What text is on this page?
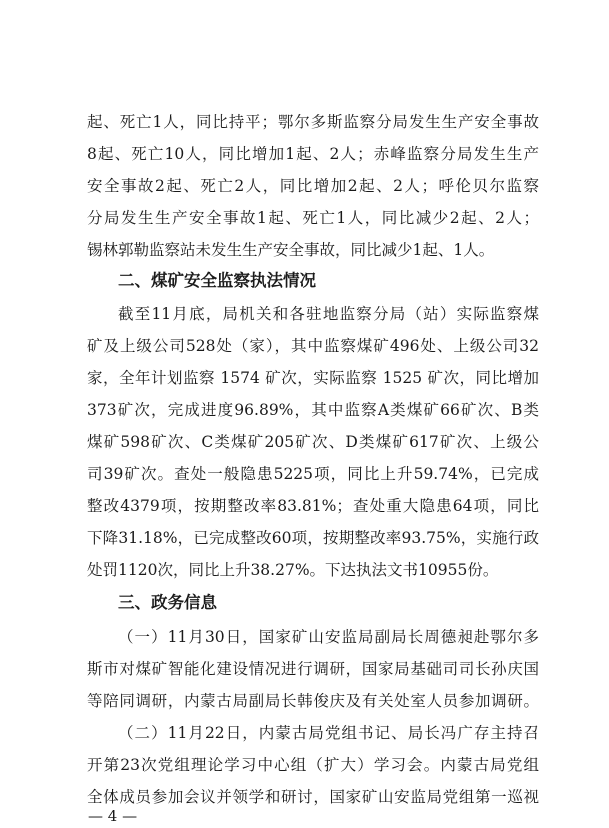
起、死亡1人，同比持平；鄂尔多斯监察分局发生生产安全事故
8起、死亡10人，同比增加1起、2人；赤峰监察分局发生生产
安全事故2起、死亡2人，同比增加2起、2人；呼伦贝尔监察
分局发生生产安全事故1起、死亡1人，同比减少2起、2人；
锡林郭勒监察站未发生生产安全事故，同比减少1起、1人。
二、煤矿安全监察执法情况
截至11月底，局机关和各驻地监察分局（站）实际监察煤
矿及上级公司528处（家），其中监察煤矿496处、上级公司32
家，全年计划监察 1574 矿次，实际监察 1525 矿次，同比增加
373矿次，完成进度96.89%，其中监察A类煤矿66矿次、B类
煤矿598矿次、C类煤矿205矿次、D类煤矿617矿次、上级公
司39矿次。查处一般隐患5225项，同比上升59.74%，已完成
整改4379项，按期整改率83.81%；查处重大隐患64项，同比
下降31.18%，已完成整改60项，按期整改率93.75%，实施行政
处罚1120次，同比上升38.27%。下达执法文书10955份。
三、政务信息
（一）11月30日，国家矿山安监局副局长周德昶赴鄂尔多
斯市对煤矿智能化建设情况进行调研，国家局基础司司长孙庆国
等陪同调研，内蒙古局副局长韩俊庆及有关处室人员参加调研。
（二）11月22日，内蒙古局党组书记、局长冯广存主持召
开第23次党组理论学习中心组（扩大）学习会。内蒙古局党组
全体成员参加会议并领学和研讨，国家矿山安监局党组第一巡视
— 4 —
